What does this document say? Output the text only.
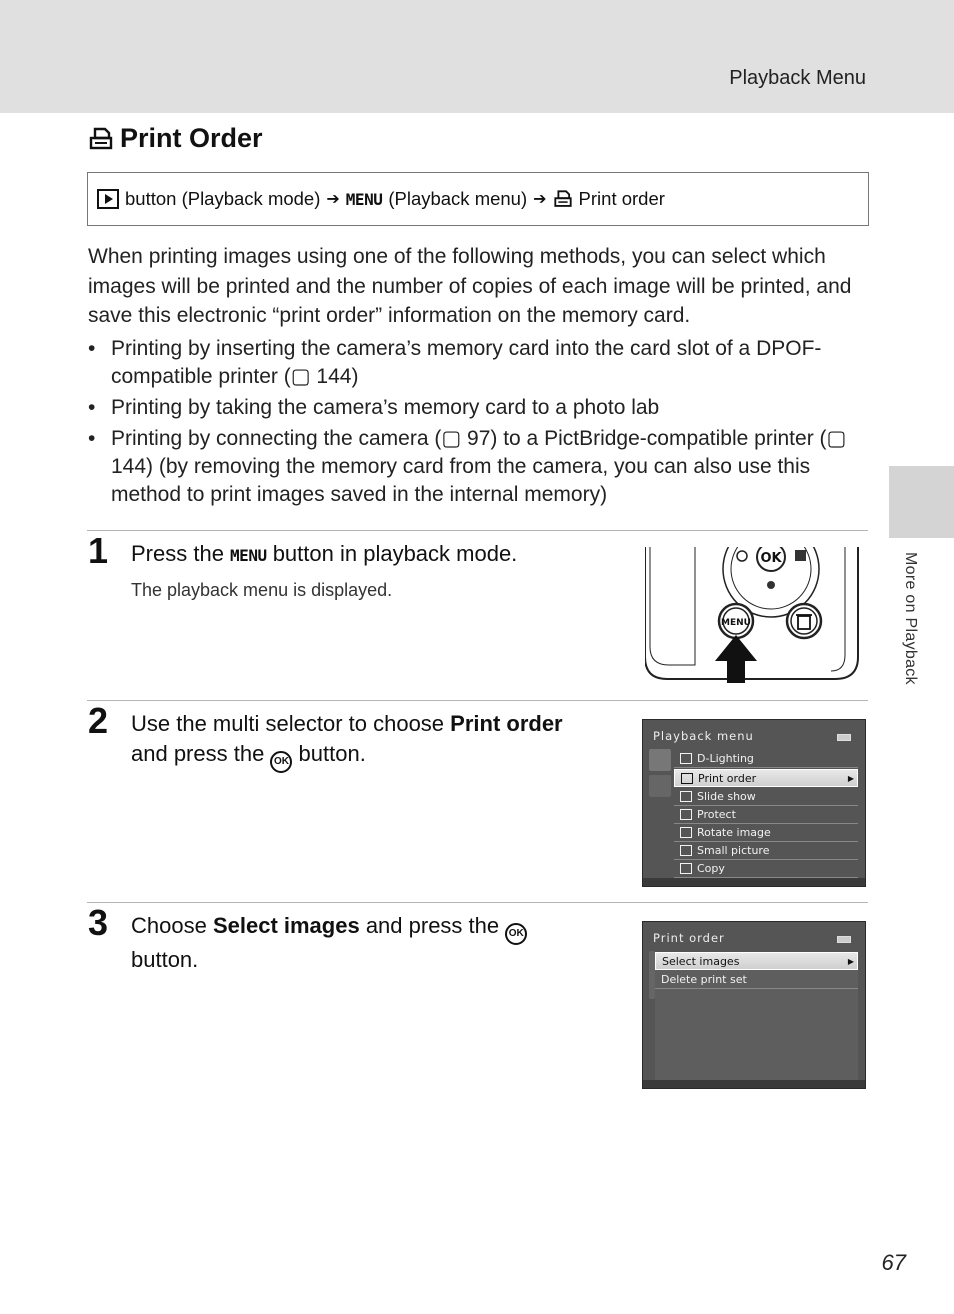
Playback Menu
More on Playback
Print Order
button (Playback mode) ➔ MENU (Playback menu) ➔ Print order
When printing images using one of the following methods, you can select which images will be printed and the number of copies of each image will be printed, and save this electronic “print order” information on the memory card.
• Printing by inserting the camera’s memory card into the card slot of a DPOF-compatible printer (▢ 144)
• Printing by taking the camera’s memory card to a photo lab
• Printing by connecting the camera (▢ 97) to a PictBridge-compatible printer (▢ 144) (by removing the memory card from the camera, you can also use this method to print images saved in the internal memory)
1 Press the MENU button in playback mode.
The playback menu is displayed.
OK
MENU
2 Use the multi selector to choose Print order
and press the OK button.
Playback menu
D-Lighting
Print order	▶
Slide show
Protect
Rotate image
Small picture
Copy
3 Choose Select images and press the OK
button.
Print order
Select images	▶
Delete print set
67
